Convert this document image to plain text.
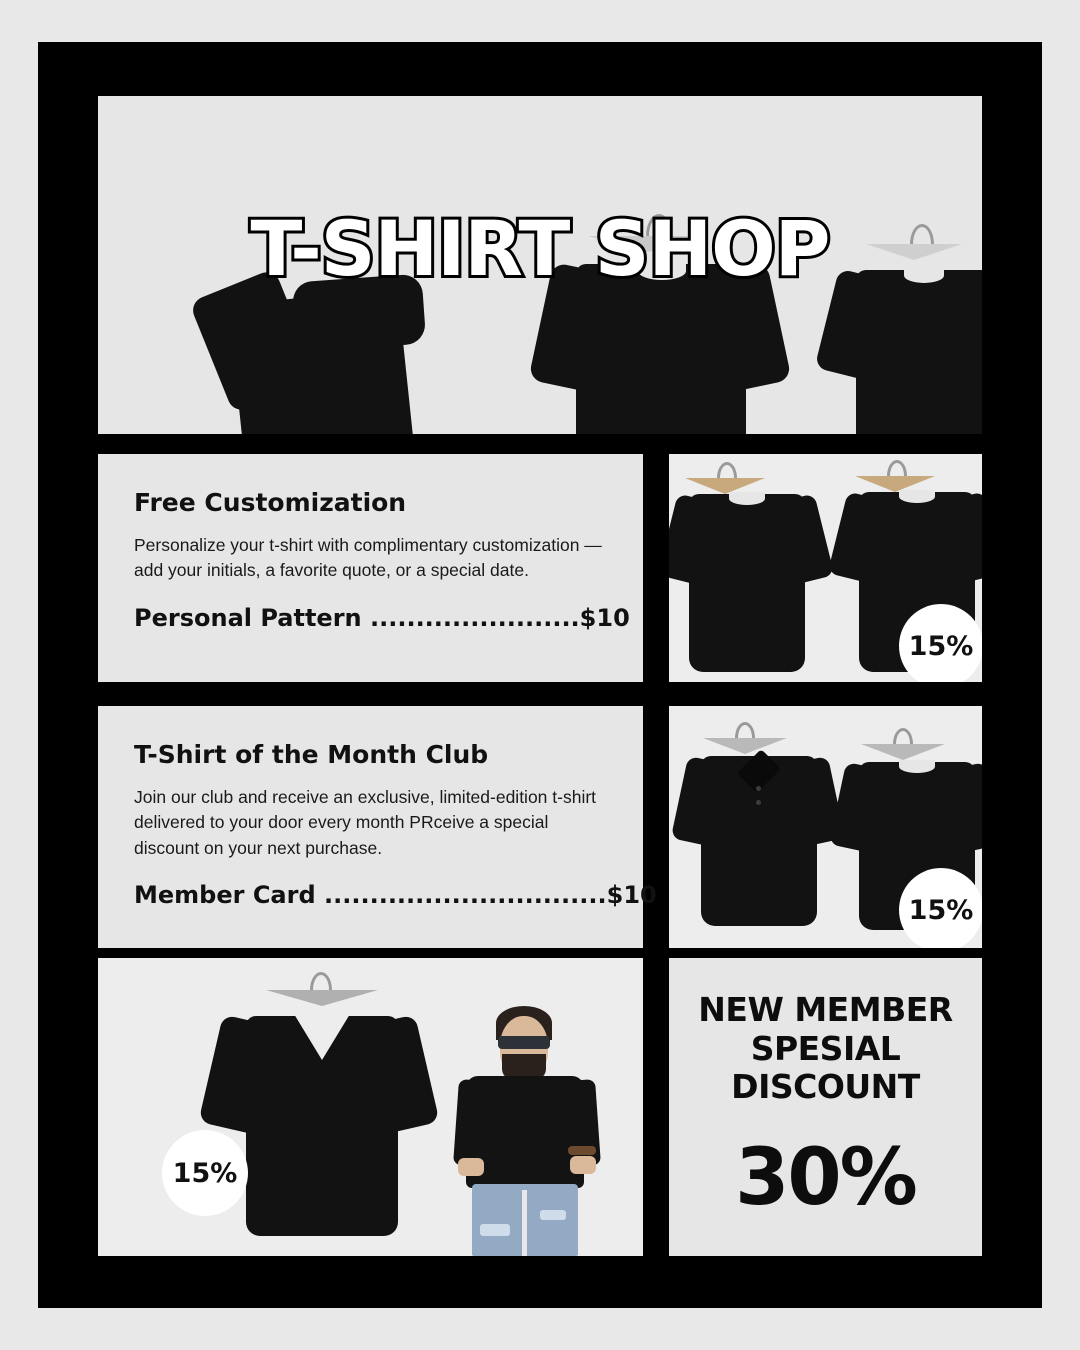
T-SHIRT SHOP
Free Customization
Personalize your t-shirt with complimentary customization — add your initials, a favorite quote, or a special date.
Personal Pattern .......................$10
15%
T-Shirt of the Month Club
Join our club and receive an exclusive, limited-edition t-shirt delivered to your door every month PRceive a special discount on your next purchase.
Member Card ...............................$10	15%
15%
NEW MEMBER
SPESIAL
DISCOUNT
30%
